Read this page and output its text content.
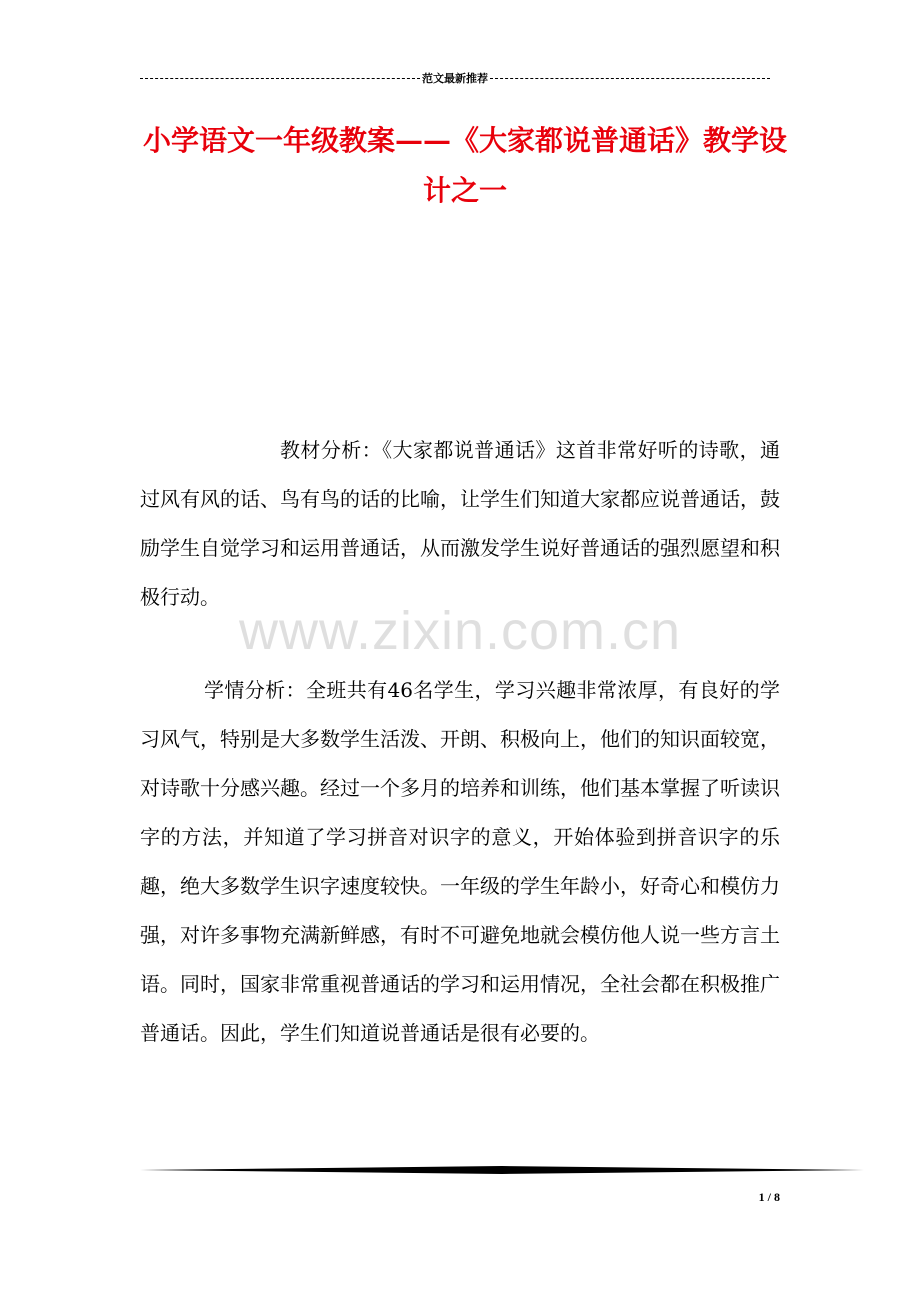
范文最新推荐
小学语文一年级教案——《大家都说普通话》教学设计之一

教材分析：《大家都说普通话》这首非常好听的诗歌，通过风有风的话、鸟有鸟的话的比喻，让学生们知道大家都应说普通话，鼓励学生自觉学习和运用普通话，从而激发学生说好普通话的强烈愿望和积极行动。

www.zixin.com.cn

学情分析：全班共有46名学生，学习兴趣非常浓厚，有良好的学习风气，特别是大多数学生活泼、开朗、积极向上，他们的知识面较宽，对诗歌十分感兴趣。经过一个多月的培养和训练，他们基本掌握了听读识字的方法，并知道了学习拼音对识字的意义，开始体验到拼音识字的乐趣，绝大多数学生识字速度较快。一年级的学生年龄小，好奇心和模仿力强，对许多事物充满新鲜感，有时不可避免地就会模仿他人说一些方言土语。同时，国家非常重视普通话的学习和运用情况，全社会都在积极推广普通话。因此，学生们知道说普通话是很有必要的。

1 / 8
